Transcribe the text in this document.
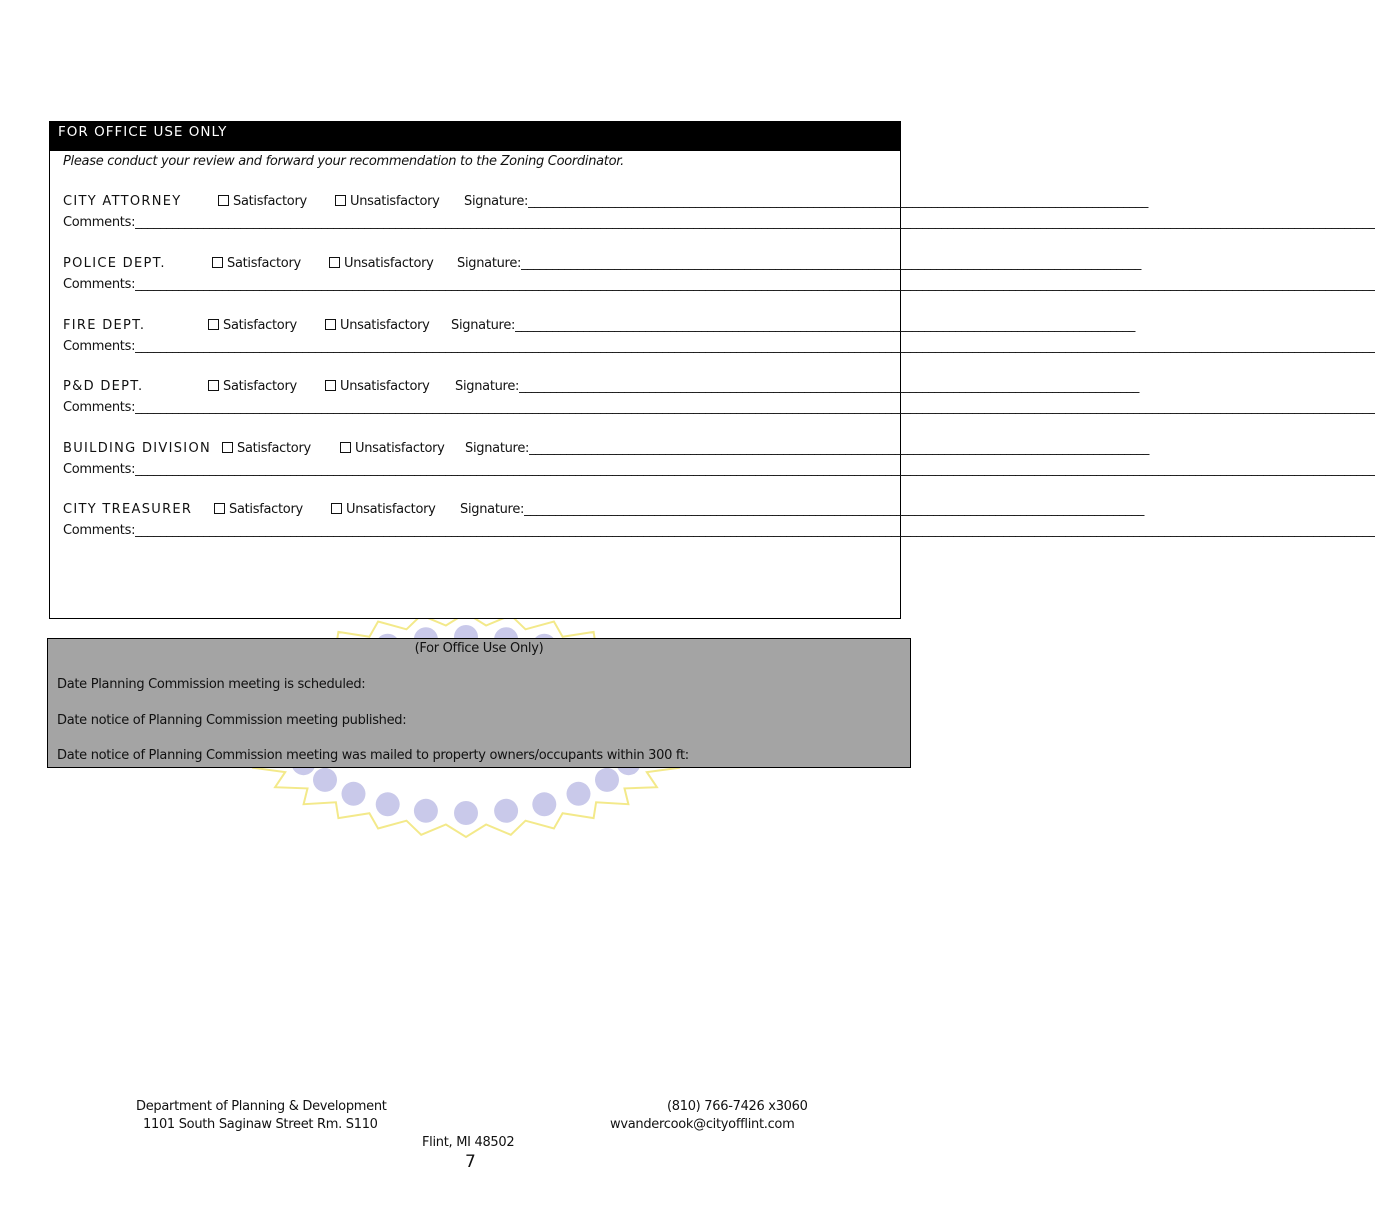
FOR OFFICE USE ONLY
Please conduct your review and forward your recommendation to the Zoning Coordinator.
CITY ATTORNEY	Satisfactory	Unsatisfactory Signature:____________________________________________________________________________________________________
Comments:________________________________________________________________________________________________________________________________________________________________________________________________________
POLICE DEPT.	Satisfactory	Unsatisfactory Signature:____________________________________________________________________________________________________
Comments:________________________________________________________________________________________________________________________________________________________________________________________________________
FIRE DEPT.	Satisfactory	Unsatisfactory Signature:____________________________________________________________________________________________________
Comments:________________________________________________________________________________________________________________________________________________________________________________________________________
P&D DEPT.	Satisfactory	Unsatisfactory Signature:____________________________________________________________________________________________________
Comments:________________________________________________________________________________________________________________________________________________________________________________________________________
BUILDING DIVISION	Satisfactory	Unsatisfactory Signature:____________________________________________________________________________________________________
Comments:________________________________________________________________________________________________________________________________________________________________________________________________________
CITY TREASURER	Satisfactory	Unsatisfactory Signature:____________________________________________________________________________________________________
Comments:________________________________________________________________________________________________________________________________________________________________________________________________________
(For Office Use Only)
Date Planning Commission meeting is scheduled:
Date notice of Planning Commission meeting published:
Date notice of Planning Commission meeting was mailed to property owners/occupants within 300 ft:
Department of Planning & Development
1101 South Saginaw Street Rm. S110
Flint, MI 48502
(810) 766-7426 x3060
wvandercook@cityofflint.com
7
